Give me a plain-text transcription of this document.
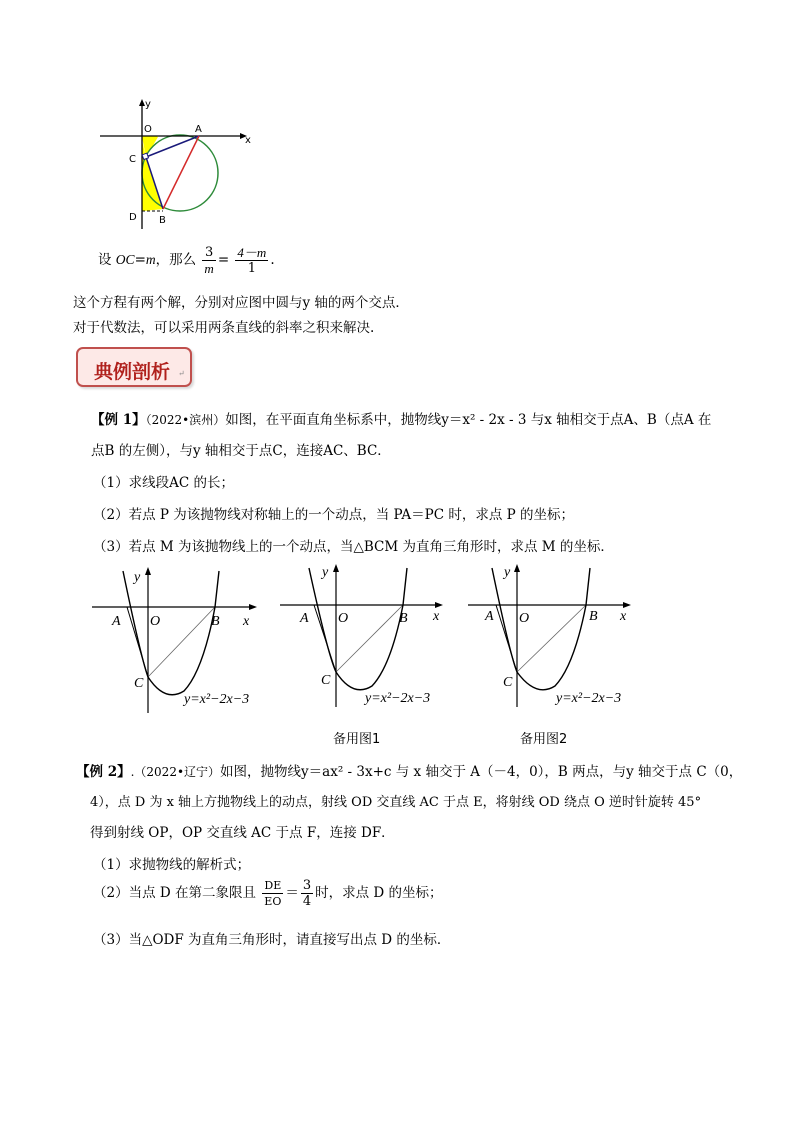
y
x
O	A
C
D B
设 OC=m，那么 $\frac{3}{m} = \frac{4-m}{1}$ .
这个方程有两个解，分别对应图中圆与y 轴的两个交点．
对于代数法，可以采用两条直线的斜率之积来解决.
典例剖析 ↵
【例 1】（2022•滨州）如图，在平面直角坐标系中，抛物线y＝x² - 2x - 3 与x 轴相交于点A、B（点A 在
点B 的左侧），与y 轴相交于点C，连接AC、BC．
（1）求线段AC 的长；
（2）若点 P 为该抛物线对称轴上的一个动点，当 PA＝PC 时，求点 P 的坐标；
（3）若点 M 为该抛物线上的一个动点，当△BCM 为直角三角形时，求点 M 的坐标．
y
x
A O	B
C
y=x²−2x−3
y
x
A O	B
C
y=x²−2x−3
备用图1
y
x
A O	B
C
y=x²−2x−3
备用图2
【例 2】.（2022•辽宁）如图，抛物线y＝ax² - 3x+c 与 x 轴交于 A（－4，0），B 两点，与y 轴交于点 C（0，
4），点 D 为 x 轴上方抛物线上的动点，射线 OD 交直线 AC 于点 E，将射线 OD 绕点 O 逆时针旋转 45°
得到射线 OP，OP 交直线 AC 于点 F，连接 DF．
（1）求抛物线的解析式；
（2）当点 D 在第二象限且 $\frac{DE}{EO} = \frac{3}{4}$ 时，求点 D 的坐标；
（3）当△ODF 为直角三角形时，请直接写出点 D 的坐标．
